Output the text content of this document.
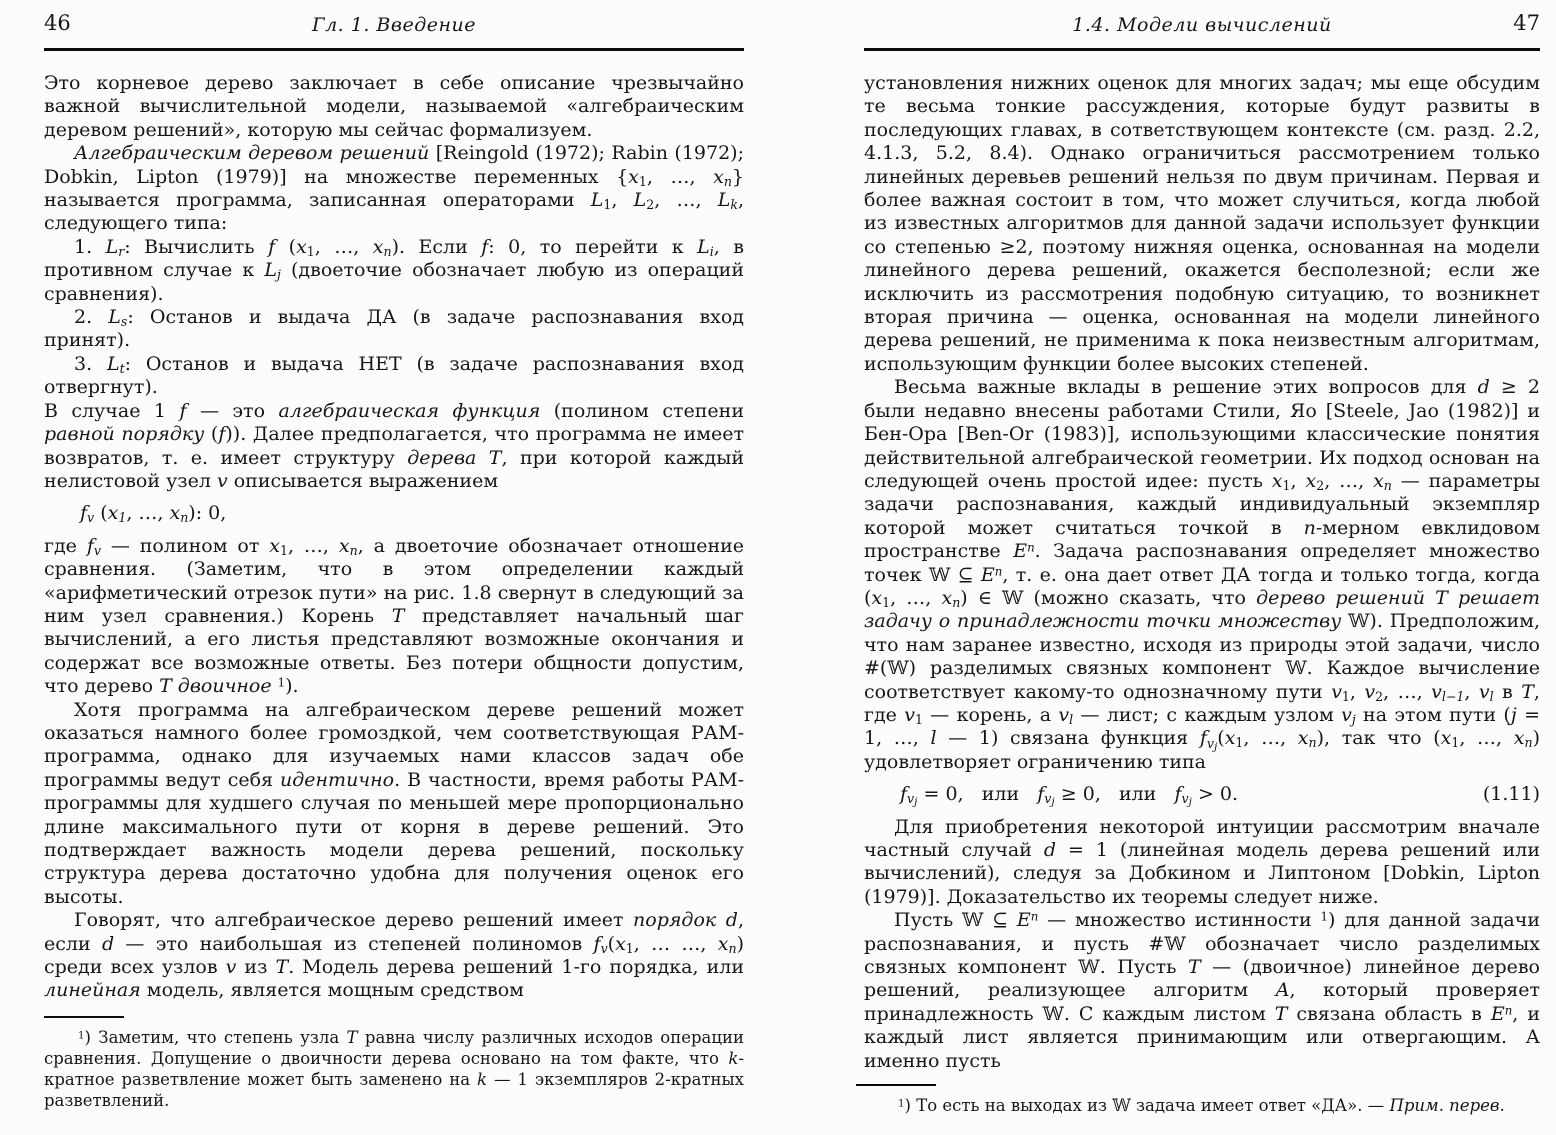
46	Гл. 1. Введение

Это корневое дерево заключает в себе описание чрезвычайно важной вычислительной модели, называемой «алгебраическим деревом решений», которую мы сейчас формализуем.

Алгебраическим деревом решений [Reingold (1972); Rabin (1972); Dobkin, Lipton (1979)] на множестве переменных {$x_1$, …, $x_n$} называется программа, записанная операторами $L_1$, $L_2$, …, $L_k$, следующего типа:

1. $L_r$: Вычислить f ($x_1$, …, $x_n$). Если f: 0, то перейти к $L_i$, в противном случае к $L_j$ (двоеточие обозначает любую из операций сравнения).

2. $L_s$: Останов и выдача ДА (в задаче распознавания вход принят).

3. $L_t$: Останов и выдача НЕТ (в задаче распознавания вход отвергнут).

В случае 1 f — это алгебраическая функция (полином степени равной порядку (f)). Далее предполагается, что программа не имеет возвратов, т. е. имеет структуру дерева T, при которой каждый нелистовой узел v описывается выражением

$f_v$ ($x_1$, …, $x_n$): 0,

где $f_v$ — полином от $x_1$, …, $x_n$, а двоеточие обозначает отношение сравнения. (Заметим, что в этом определении каждый «арифметический отрезок пути» на рис. 1.8 свернут в следующий за ним узел сравнения.) Корень T представляет начальный шаг вычислений, а его листья представляют возможные окончания и содержат все возможные ответы. Без потери общности допустим, что дерево T двоичное $^1$).

Хотя программа на алгебраическом дереве решений может оказаться намного более громоздкой, чем соответствующая РАМ-программа, однако для изучаемых нами классов задач обе программы ведут себя идентично. В частности, время работы РАМ-программы для худшего случая по меньшей мере пропорционально длине максимального пути от корня в дереве решений. Это подтверждает важность модели дерева решений, поскольку структура дерева достаточно удобна для получения оценок его высоты.

Говорят, что алгебраическое дерево решений имеет порядок d, если d — это наибольшая из степеней полиномов $f_v(x_1$, … …, $x_n$) среди всех узлов v из T. Модель дерева решений 1-го порядка, или линейная модель, является мощным средством

$^1$) Заметим, что степень узла T равна числу различных исходов операции сравнения. Допущение о двоичности дерева основано на том факте, что k-кратное разветвление может быть заменено на k — 1 экземпляров 2-кратных разветвлений.

47
1.4. Модели вычислений

установления нижних оценок для многих задач; мы еще обсудим те весьма тонкие рассуждения, которые будут развиты в последующих главах, в сответствующем контексте (см. разд. 2.2, 4.1.3, 5.2, 8.4). Однако ограничиться рассмотрением только линейных деревьев решений нельзя по двум причинам. Первая и более важная состоит в том, что может случиться, когда любой из известных алгоритмов для данной задачи использует функции со степенью ≥2, поэтому нижняя оценка, основанная на модели линейного дерева решений, окажется бесполезной; если же исключить из рассмотрения подобную ситуацию, то возникнет вторая причина — оценка, основанная на модели линейного дерева решений, не применима к пока неизвестным алгоритмам, использующим функции более высоких степеней.

Весьма важные вклады в решение этих вопросов для d ≥ 2 были недавно внесены работами Стили, Яо [Steele, Jao (1982)] и Бен-Ора [Ben-Or (1983)], использующими классические понятия действительной алгебраической геометрии. Их подход основан на следующей очень простой идее: пусть $x_1$, $x_2$, …, $x_n$ — параметры задачи распознавания, каждый индивидуальный экземпляр которой может считаться точкой в n-мерном евклидовом пространстве $E^n$. Задача распознавания определяет множество точек 𝕎 ⊆ $E^n$, т. е. она дает ответ ДА тогда и только тогда, когда ($x_1$, …, $x_n$) ∈ 𝕎 (можно сказать, что дерево решений T решает задачу о принадлежности точки множеству 𝕎). Предположим, что нам заранее известно, исходя из природы этой задачи, число #(𝕎) разделимых связных компонент 𝕎. Каждое вычисление соответствует какому-то однозначному пути $v_1$, $v_2$, …, $v_{l-1}$, $v_l$ в T, где $v_1$ — корень, а $v_l$ — лист; с каждым узлом $v_j$ на этом пути (j = 1, …, l — 1) связана функция $f_{v_j}(x_1$, …, $x_n$), так что ($x_1$, …, $x_n$) удовлетворяет ограничению типа

$f_{v_j} = 0$,   или   $f_{v_j} \ge 0$,   или   $f_{v_j} > 0$.	(1.11)

Для приобретения некоторой интуиции рассмотрим вначале частный случай d = 1 (линейная модель дерева решений или вычислений), следуя за Добкином и Липтоном [Dobkin, Lipton (1979)]. Доказательство их теоремы следует ниже.

Пусть 𝕎 ⊆ $E^n$ — множество истинности $^1$) для данной задачи распознавания, и пусть #𝕎 обозначает число разделимых связных компонент 𝕎. Пусть T — (двоичное) линейное дерево решений, реализующее алгоритм A, который проверяет принадлежность 𝕎. С каждым листом T связана область в $E^n$, и каждый лист является принимающим или отвергающим. А именно пусть

$^1$) То есть на выходах из 𝕎 задача имеет ответ «ДА». — Прим. перев.
